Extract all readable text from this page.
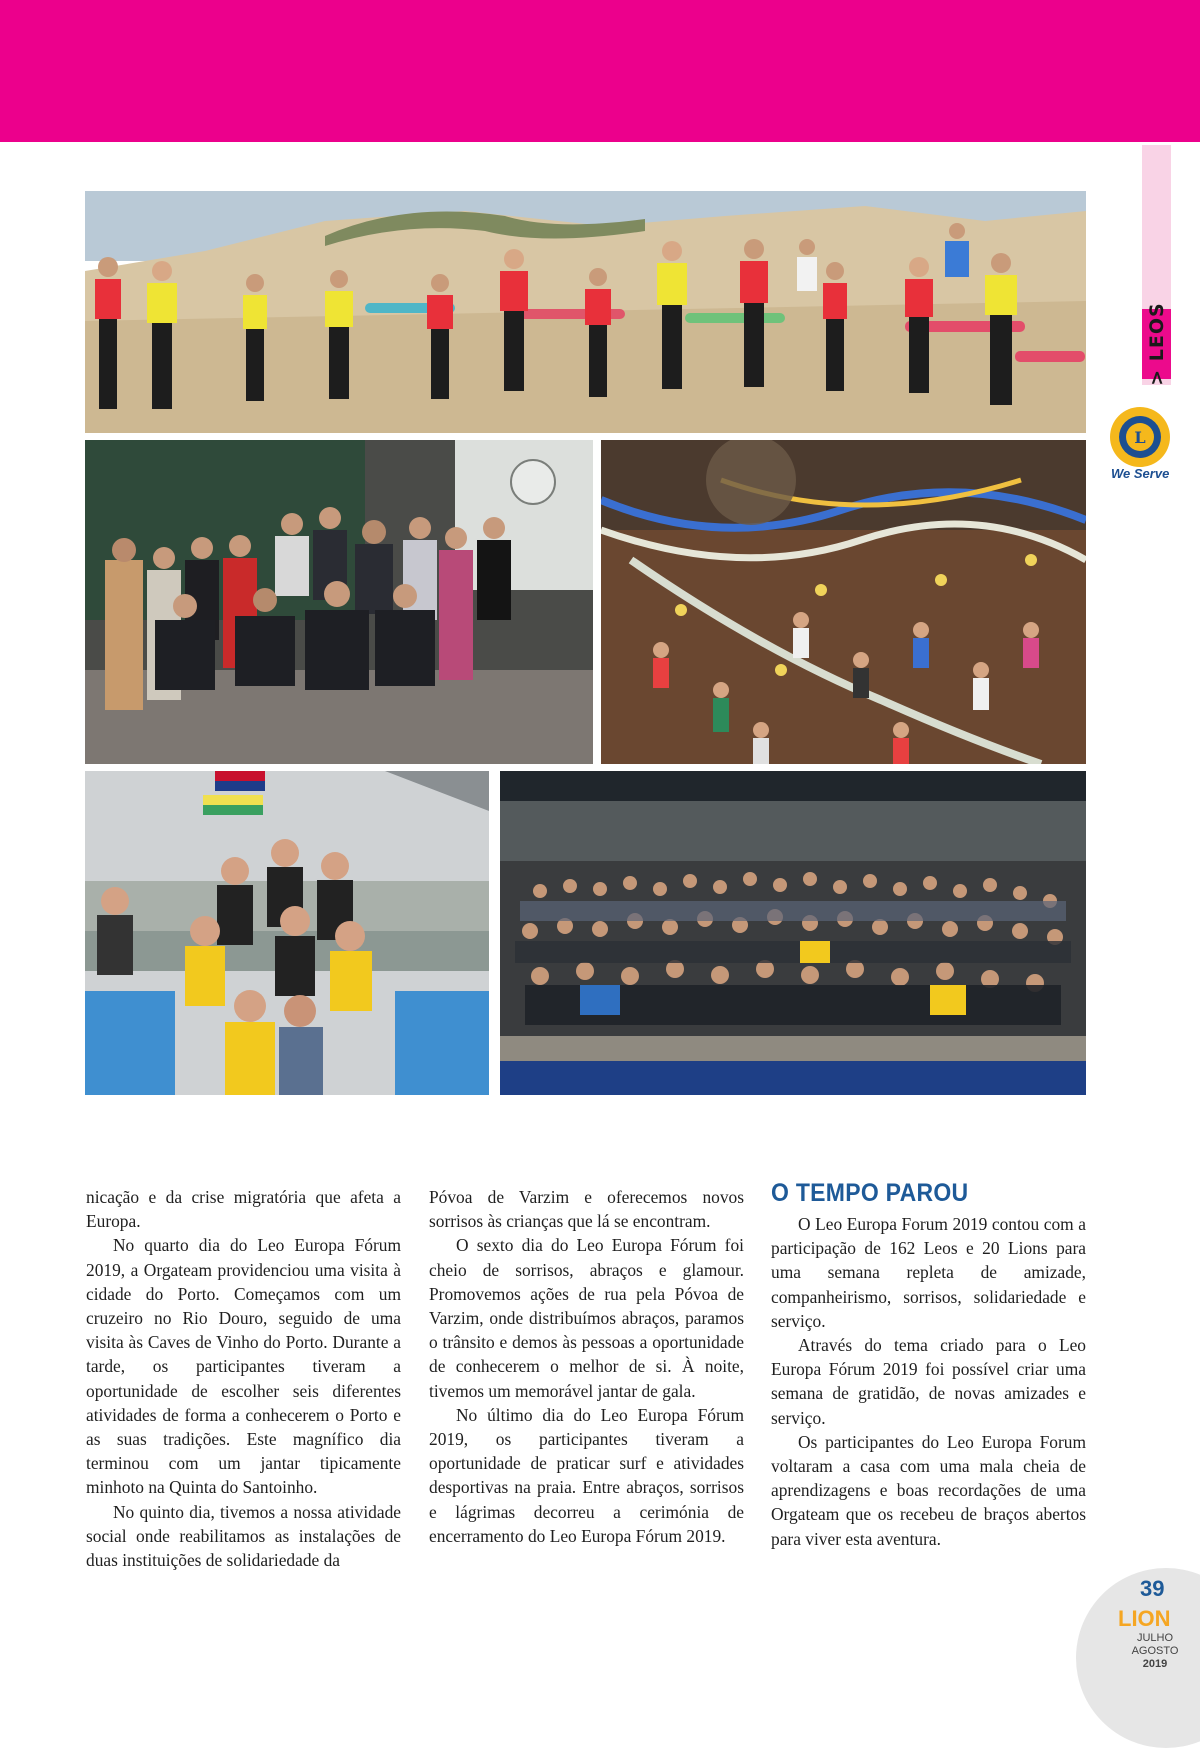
> LEOS
L
We Serve

nicação e da crise migratória que afeta a Europa.

No quarto dia do Leo Europa Fórum 2019, a Orgateam providenciou uma visita à cidade do Porto. Começamos com um cruzeiro no Rio Douro, seguido de uma visita às Caves de Vinho do Porto. Durante a tarde, os participantes tiveram a oportunidade de escolher seis diferentes atividades de forma a conhecerem o Porto e as suas tradições. Este magnífico dia terminou com um jantar tipicamente minhoto na Quinta do Santoinho.

No quinto dia, tivemos a nossa atividade social onde reabilitamos as instalações de duas instituições de solidariedade da

Póvoa de Varzim e oferecemos novos sorrisos às crianças que lá se encontram.

O sexto dia do Leo Europa Fórum foi cheio de sorrisos, abraços e glamour. Promovemos ações de rua pela Póvoa de Varzim, onde distribuímos abraços, paramos o trânsito e demos às pessoas a oportunidade de conhecerem o melhor de si. À noite, tivemos um memorável jantar de gala.

No último dia do Leo Europa Fórum 2019, os participantes tiveram a oportunidade de praticar surf e atividades desportivas na praia. Entre abraços, sorrisos e lágrimas decorreu a cerimónia de encerramento do Leo Europa Fórum 2019.

O TEMPO PAROU

O Leo Europa Forum 2019 contou com a participação de 162 Leos e 20 Lions para uma semana repleta de amizade, companheirismo, sorrisos, solidariedade e serviço.

Através do tema criado para o Leo Europa Fórum 2019 foi possível criar uma semana de gratidão, de novas amizades e serviço.

Os participantes do Leo Europa Forum voltaram a casa com uma mala cheia de aprendizagens e boas recordações de uma Orgateam que os recebeu de braços abertos para viver esta aventura.

39
LION
JULHO
AGOSTO
2019
